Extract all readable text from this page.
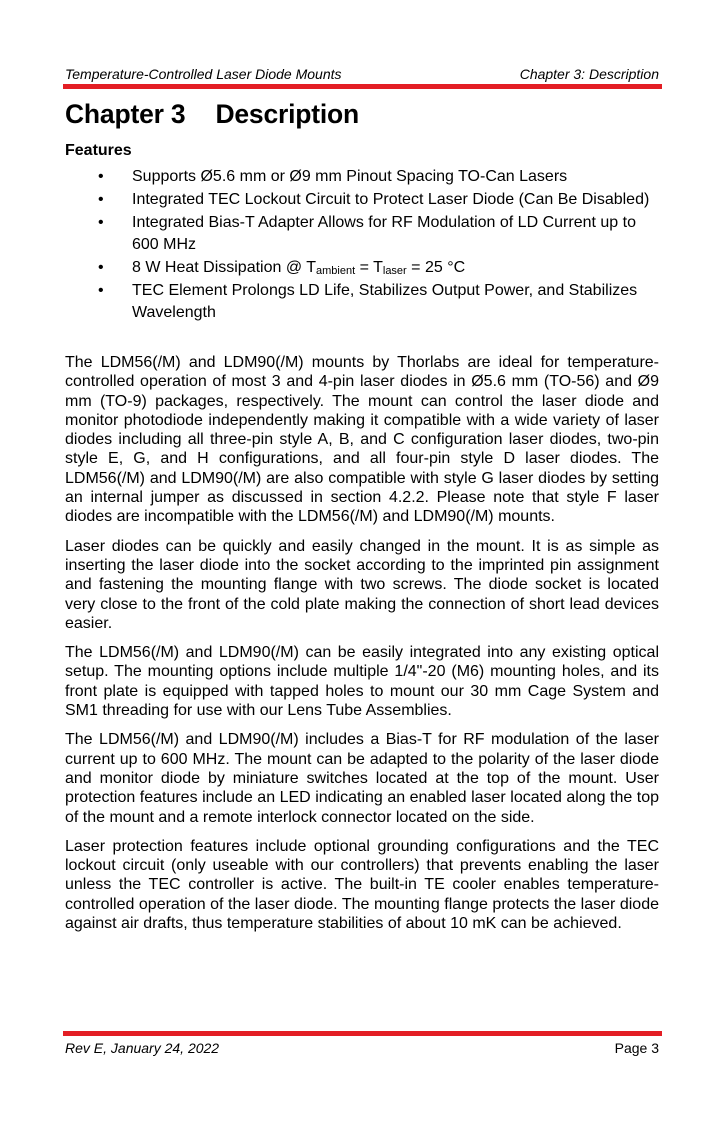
Temperature-Controlled Laser Diode Mounts	Chapter 3: Description
Chapter 3 Description
Features
• Supports Ø5.6 mm or Ø9 mm Pinout Spacing TO-Can Lasers
• Integrated TEC Lockout Circuit to Protect Laser Diode (Can Be Disabled)
• Integrated Bias-T Adapter Allows for RF Modulation of LD Current up to 600 MHz
• 8 W Heat Dissipation @ $T_{ambient} = T_{laser} = 25$ °C
• TEC Element Prolongs LD Life, Stabilizes Output Power, and Stabilizes Wavelength

The LDM56(/M) and LDM90(/M) mounts by Thorlabs are ideal for temperature-controlled operation of most 3 and 4-pin laser diodes in Ø5.6 mm (TO-56) and Ø9 mm (TO-9) packages, respectively. The mount can control the laser diode and monitor photodiode independently making it compatible with a wide variety of laser diodes including all three-pin style A, B, and C configuration laser diodes, two-pin style E, G, and H configurations, and all four-pin style D laser diodes. The LDM56(/M) and LDM90(/M) are also compatible with style G laser diodes by setting an internal jumper as discussed in section 4.2.2. Please note that style F laser diodes are incompatible with the LDM56(/M) and LDM90(/M) mounts.

Laser diodes can be quickly and easily changed in the mount. It is as simple as inserting the laser diode into the socket according to the imprinted pin assignment and fastening the mounting flange with two screws. The diode socket is located very close to the front of the cold plate making the connection of short lead devices easier.

The LDM56(/M) and LDM90(/M) can be easily integrated into any existing optical setup. The mounting options include multiple 1/4"-20 (M6) mounting holes, and its front plate is equipped with tapped holes to mount our 30 mm Cage System and SM1 threading for use with our Lens Tube Assemblies.

The LDM56(/M) and LDM90(/M) includes a Bias-T for RF modulation of the laser current up to 600 MHz. The mount can be adapted to the polarity of the laser diode and monitor diode by miniature switches located at the top of the mount. User protection features include an LED indicating an enabled laser located along the top of the mount and a remote interlock connector located on the side.

Laser protection features include optional grounding configurations and the TEC lockout circuit (only useable with our controllers) that prevents enabling the laser unless the TEC controller is active. The built-in TE cooler enables temperature-controlled operation of the laser diode. The mounting flange protects the laser diode against air drafts, thus temperature stabilities of about 10 mK can be achieved.

Rev E, January 24, 2022	Page 3
